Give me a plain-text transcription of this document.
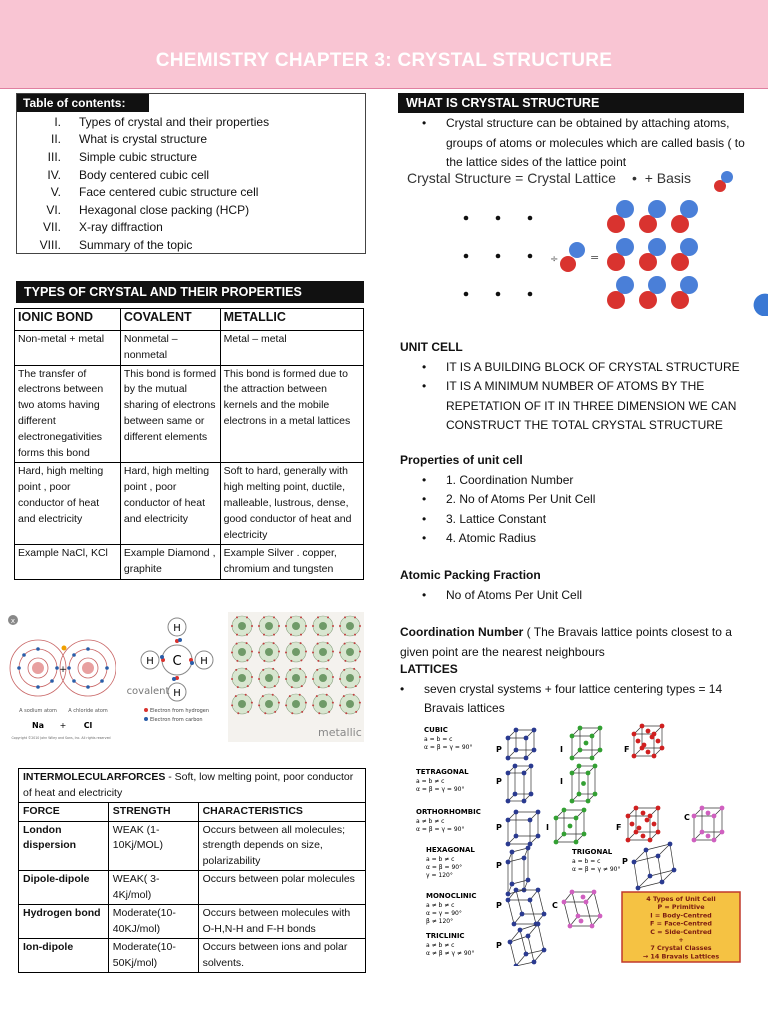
CHEMISTRY CHAPTER 3: CRYSTAL STRUCTURE
Table of contents:
I.	Types of crystal and their properties
II.	What is crystal structure
III.	Simple cubic structure
IV.	Body centered cubic cell
V.	Face centered cubic structure cell
VI.	Hexagonal close packing (HCP)
VII.	X-ray diffraction
VIII.	Summary of the topic
TYPES OF CRYSTAL AND THEIR PROPERTIES
IONIC BOND	COVALENT	METALLIC
Non-metal + metal	Nonmetal – nonmetal	Metal – metal
The transfer of electrons between two atoms having different electronegativities forms this bond	This bond is formed by the mutual sharing of electrons between same or different elements	This bond is formed due to the attraction between kernels and the mobile electrons in a metal lattices
Hard, high melting point , poor conductor of heat and electricity	Hard, high melting point , poor conductor of heat and electricity	Soft to hard, generally with high melting point, ductile, malleable, lustrous, dense, good conductor of heat and electricity
Example NaCl, KCl	Example Diamond , graphite	Example Silver . copper, chromium and tungsten
x
+
A sodium atom A chloride atom
Na + Cl
Copyright ©2010 John Wiley and Sons, Inc. All rights reserved
H
H
H	H
C
covalent
Electron from hydrogen
Electron from carbon
metallic
INTERMOLECULARFORCES - Soft, low melting point, poor conductor of heat and electricity		
FORCE	STRENGTH	CHARACTERISTICS
London dispersion	WEAK (1-10Kj/MOL)	Occurs between all molecules; strength depends on size, polarizability
Dipole-dipole	WEAK( 3-4Kj/mol)	Occurs between polar molecules
Hydrogen bond	Moderate(10-40KJ/mol)	Occurs between molecules with O-H,N-H and F-H bonds
Ion-dipole	Moderate(10-50Kj/mol)	Occurs between ions and polar solvents.
WHAT IS CRYSTAL STRUCTURE
• Crystal structure can be obtained by attaching atoms, groups of atoms or molecules which are called basis ( to the lattice sides of the lattice point
Crystal Structure = Crystal Lattice	• + Basis
÷	=
UNIT CELL
• IT IS A BUILDING BLOCK OF CRYSTAL STRUCTURE
• IT IS A MINIMUM NUMBER OF ATOMS BY THE REPETATION OF IT IN THREE DIMENSION WE CAN CONSTRUCT THE TOTAL CRYSTAL STRUCTURE
Properties of unit cell
• 1. Coordination Number
• 2. No of Atoms Per Unit Cell
• 3. Lattice Constant
• 4. Atomic Radius
Atomic Packing Fraction
• No of Atoms Per Unit Cell
Coordination Number ( The Bravais lattice points closest to a given point are the nearest neighbours
LATTICES
• seven crystal systems + four lattice centering types = 14 Bravais lattices
CUBIC
a = b = c
α = β = γ = 90°	P	I	F
TETRAGONAL
a = b ≠ c
α = β = γ = 90°
P	I
ORTHORHOMBIC
a ≠ b ≠ c
α = β = γ = 90°	P	I	F
C
HEXAGONAL
a = b ≠ c
α = β = 90°
γ = 120°
P
TRIGONAL
a = b = c
α = β = γ ≠ 90°
P
MONOCLINIC
a ≠ b ≠ c
α = γ = 90°
β ≠ 120°
P	C
TRICLINIC
a ≠ b ≠ c
α ≠ β ≠ γ ≠ 90°
P
4 Types of Unit Cell
P = Primitive
I = Body-Centred
F = Face-Centred
C = Side-Centred
+
7 Crystal Classes
→ 14 Bravais Lattices
